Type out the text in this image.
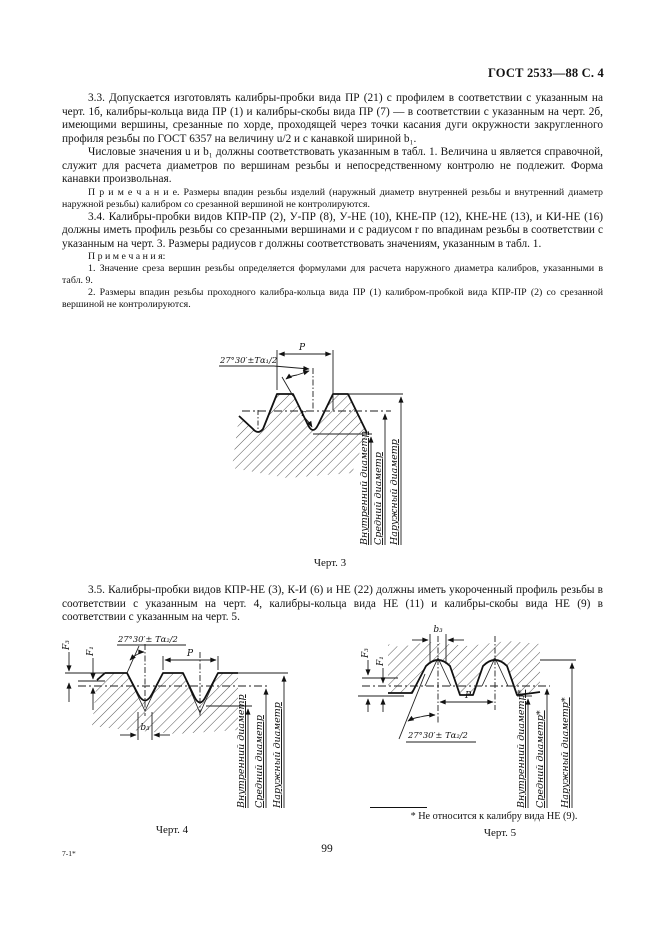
ГОСТ 2533—88 С. 4

3.3. Допускается изготовлять калибры-пробки вида ПР (21) с профилем в соответствии с указанным на черт. 1б, калибры-кольца вида ПР (1) и калибры-скобы вида ПР (7) — в соответствии с указанным на черт. 2б, имеющими вершины, срезанные по хорде, проходящей через точки касания дуги окружности закругленного профиля резьбы по ГОСТ 6357 на величину u/2 и с канавкой шириной b₁.

Числовые значения u и b₁ должны соответствовать указанным в табл. 1. Величина u является справочной, служит для расчета диаметров по вершинам резьбы и непосредственному контролю не подлежит. Форма канавки произвольная.

П р и м е ч а н и е. Размеры впадин резьбы изделий (наружный диаметр внутренней резьбы и внутренний диаметр наружной резьбы) калибром со срезанной вершиной не контролируются.

3.4. Калибры-пробки видов КПР-ПР (2), У-ПР (8), У-НЕ (10), КНЕ-ПР (12), КНЕ-НЕ (13), и КИ-НЕ (16) должны иметь профиль резьбы со срезанными вершинами и с радиусом r по впадинам резьбы в соответствии с указанным на черт. 3. Размеры радиусов r должны соответствовать значениям, указанным в табл. 1.

П р и м е ч а н и я:

1. Значение среза вершин резьбы определяется формулами для расчета наружного диаметра калибров, указанными в табл. 9.

2. Размеры впадин резьбы проходного калибра-кольца вида ПР (1) калибром-пробкой вида КПР-ПР (2) со срезанной вершиной не контролируются.

P
27°30′±Tα₁/2
r
Внутренний диаметр Средний диаметр Наружный диаметр
Черт. 3

3.5. Калибры-пробки видов КПР-НЕ (3), К-И (6) и НЕ (22) должны иметь укороченный профиль резьбы в соответствии с указанным на черт. 4, калибры-кольца вида НЕ (11) и калибры-скобы вида НЕ (9) в соответствии с указанным на черт. 5.

27°30′± Tα₂/2
P
F₃
F₁
b₃	Внутренний диаметр Средний диаметр Наружный диаметр
Черт. 4
b₃
P
F₃
F₁
27°30′± Tα₂/2	Внутренний диаметр* Средний диаметр* Наружный диаметр*
* Не относится к калибру вида НЕ (9).
Черт. 5
7-1*	99
